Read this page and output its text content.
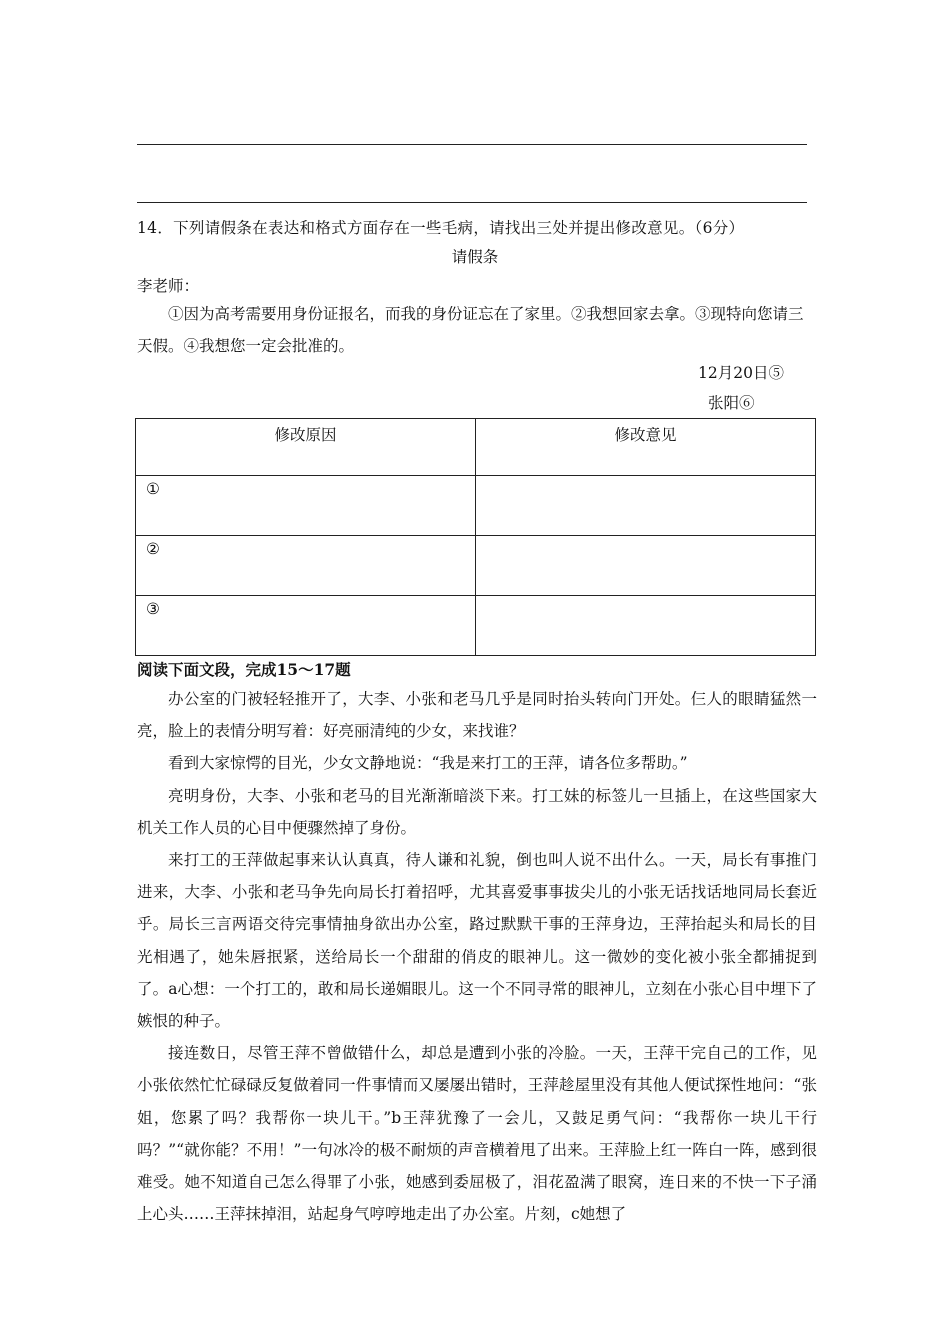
14．下列请假条在表达和格式方面存在一些毛病，请找出三处并提出修改意见。（6分）
请假条
李老师：

①因为高考需要用身份证报名，而我的身份证忘在了家里。②我想回家去拿。③现特向您请三天假。④我想您一定会批准的。

12月20日⑤
张阳⑥
修改原因	修改意见
①	
②	
③	
阅读下面文段，完成15～17题

办公室的门被轻轻推开了，大李、小张和老马几乎是同时抬头转向门开处。仨人的眼睛猛然一亮，脸上的表情分明写着：好亮丽清纯的少女，来找谁？

看到大家惊愕的目光，少女文静地说：“我是来打工的王萍，请各位多帮助。”

亮明身份，大李、小张和老马的目光渐渐暗淡下来。打工妹的标签儿一旦插上，在这些国家大机关工作人员的心目中便骤然掉了身份。

来打工的王萍做起事来认认真真，待人谦和礼貌，倒也叫人说不出什么。一天，局长有事推门进来，大李、小张和老马争先向局长打着招呼，尤其喜爱事事拔尖儿的小张无话找话地同局长套近乎。局长三言两语交待完事情抽身欲出办公室，路过默默干事的王萍身边，王萍抬起头和局长的目光相遇了，她朱唇抿紧，送给局长一个甜甜的俏皮的眼神儿。这一微妙的变化被小张全都捕捉到了。a心想：一个打工的，敢和局长递媚眼儿。这一个不同寻常的眼神儿，立刻在小张心目中埋下了嫉恨的种子。

接连数日，尽管王萍不曾做错什么，却总是遭到小张的冷脸。一天，王萍干完自己的工作，见小张依然忙忙碌碌反复做着同一件事情而又屡屡出错时，王萍趁屋里没有其他人便试探性地问：“张姐，您累了吗？我帮你一块儿干。”b王萍犹豫了一会儿，又鼓足勇气问：“我帮你一块儿干行吗？”“就你能？不用！”一句冰冷的极不耐烦的声音横着甩了出来。王萍脸上红一阵白一阵，感到很难受。她不知道自己怎么得罪了小张，她感到委屈极了，泪花盈满了眼窝，连日来的不快一下子涌上心头……王萍抹掉泪，站起身气哼哼地走出了办公室。片刻，c她想了
